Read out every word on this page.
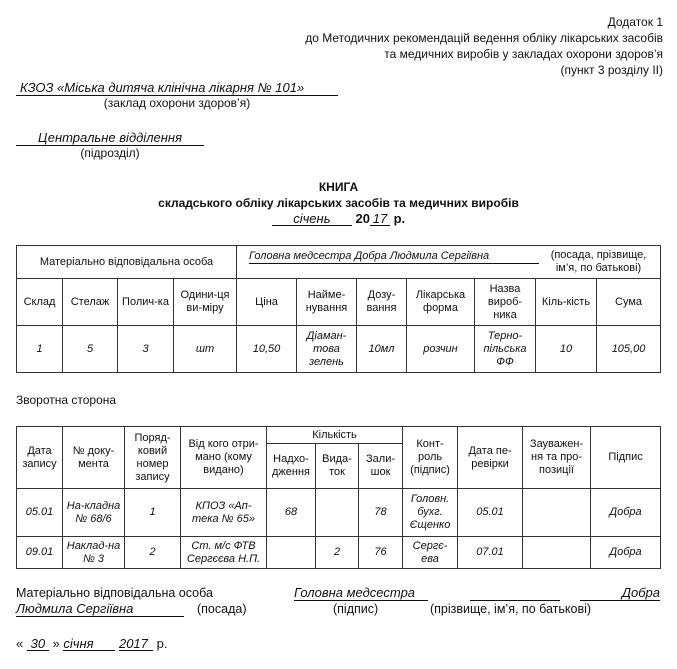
Додаток 1
до Методичних рекомендацій ведення обліку лікарських засобів
та медичних виробів у закладах охорони здоров’я
(пункт 3 розділу ІІ)
КЗОЗ «Міська дитяча клінічна лікарня № 101»
(заклад охорони здоров’я)
Центральне відділення
(підрозділ)
КНИГА
складського обліку лікарських засобів та медичних виробів
січень 20 17 р.
Матеріально відповідальна особа				Головна медсестра Добра Людмила Сергіївна (посада, прізвище, ім’я, по батькові)						

Склад	Стелаж	Полич-ка	Одини-ця ви-міру	Ціна	Найме-нування	Дозу-вання	Лікарська форма	Назва вироб-ника	Кіль-кість	Сума
1	5	3	шт	10,50	Діаман-това зелень	10мл	розчин	Терно-пільська ФФ	10	105,00
Зворотна сторона
Дата запису	№ доку-мента	Поряд-ковий номер запису	Від кого отри-мано (кому видано)	Кількість			Конт-роль (підпис)	Дата пе-ревірки	Зауважен-ня та про-позиції	Підпис
				Надхо-дження	Вида-ток	Зали-шок				
05.01	На-кладна № 68/6	1	КПОЗ «Ап-тека № 65»	68		78	Головн. бухг. Єщенко	05.01		Добра
09.01	Наклад-на № 3	2	Ст. м/с ФТВ Сергєєва Н.П.		2	76	Сергє-ева	07.01		Добра
Матеріально відповідальна особа	Головна медсестра	Добра
Людмила Сергіївна	(посада)	(підпис)	(прізвище, ім’я, по батькові)
« 30 » січня 2017 р.
